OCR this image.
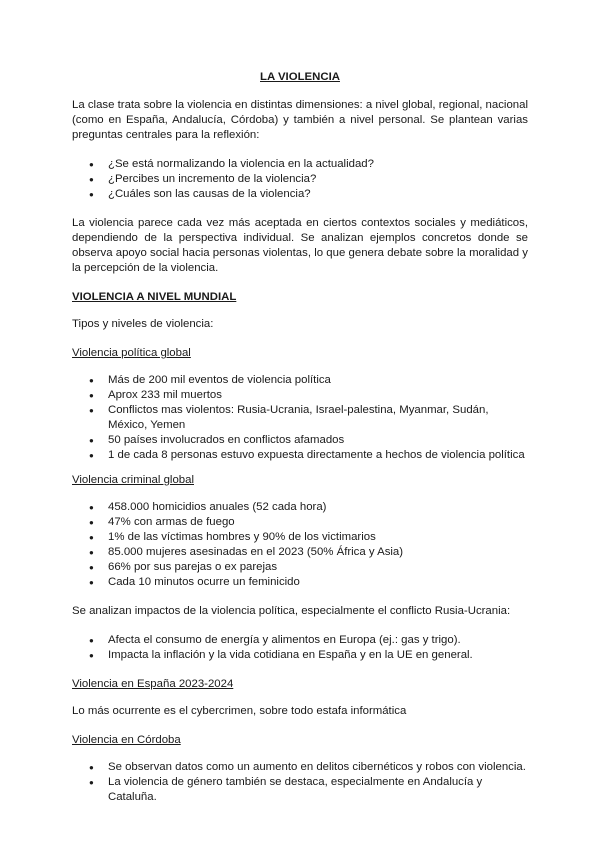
LA VIOLENCIA

La clase trata sobre la violencia en distintas dimensiones: a nivel global, regional, nacional (como en España, Andalucía, Córdoba) y también a nivel personal. Se plantean varias preguntas centrales para la reflexión:

● ¿Se está normalizando la violencia en la actualidad?
● ¿Percibes un incremento de la violencia?
● ¿Cuáles son las causas de la violencia?

La violencia parece cada vez más aceptada en ciertos contextos sociales y mediáticos, dependiendo de la perspectiva individual. Se analizan ejemplos concretos donde se observa apoyo social hacia personas violentas, lo que genera debate sobre la moralidad y la percepción de la violencia.

VIOLENCIA A NIVEL MUNDIAL

Tipos y niveles de violencia:

Violencia política global
● Más de 200 mil eventos de violencia política
● Aprox 233 mil muertos
● Conflictos mas violentos: Rusia-Ucrania, Israel-palestina, Myanmar, Sudán, México, Yemen
● 50 países involucrados en conflictos afamados
● 1 de cada 8 personas estuvo expuesta directamente a hechos de violencia política
Violencia criminal global
● 458.000 homicidios anuales (52 cada hora)
● 47% con armas de fuego
● 1% de las víctimas hombres y 90% de los victimarios
● 85.000 mujeres asesinadas en el 2023 (50% África y Asia)
● 66% por sus parejas o ex parejas
● Cada 10 minutos ocurre un feminicido

Se analizan impactos de la violencia política, especialmente el conflicto Rusia-Ucrania:

● Afecta el consumo de energía y alimentos en Europa (ej.: gas y trigo).
● Impacta la inflación y la vida cotidiana en España y en la UE en general.
Violencia en España 2023-2024

Lo más ocurrente es el cybercrimen, sobre todo estafa informática

Violencia en Córdoba
● Se observan datos como un aumento en delitos cibernéticos y robos con violencia.
● La violencia de género también se destaca, especialmente en Andalucía y Cataluña.
